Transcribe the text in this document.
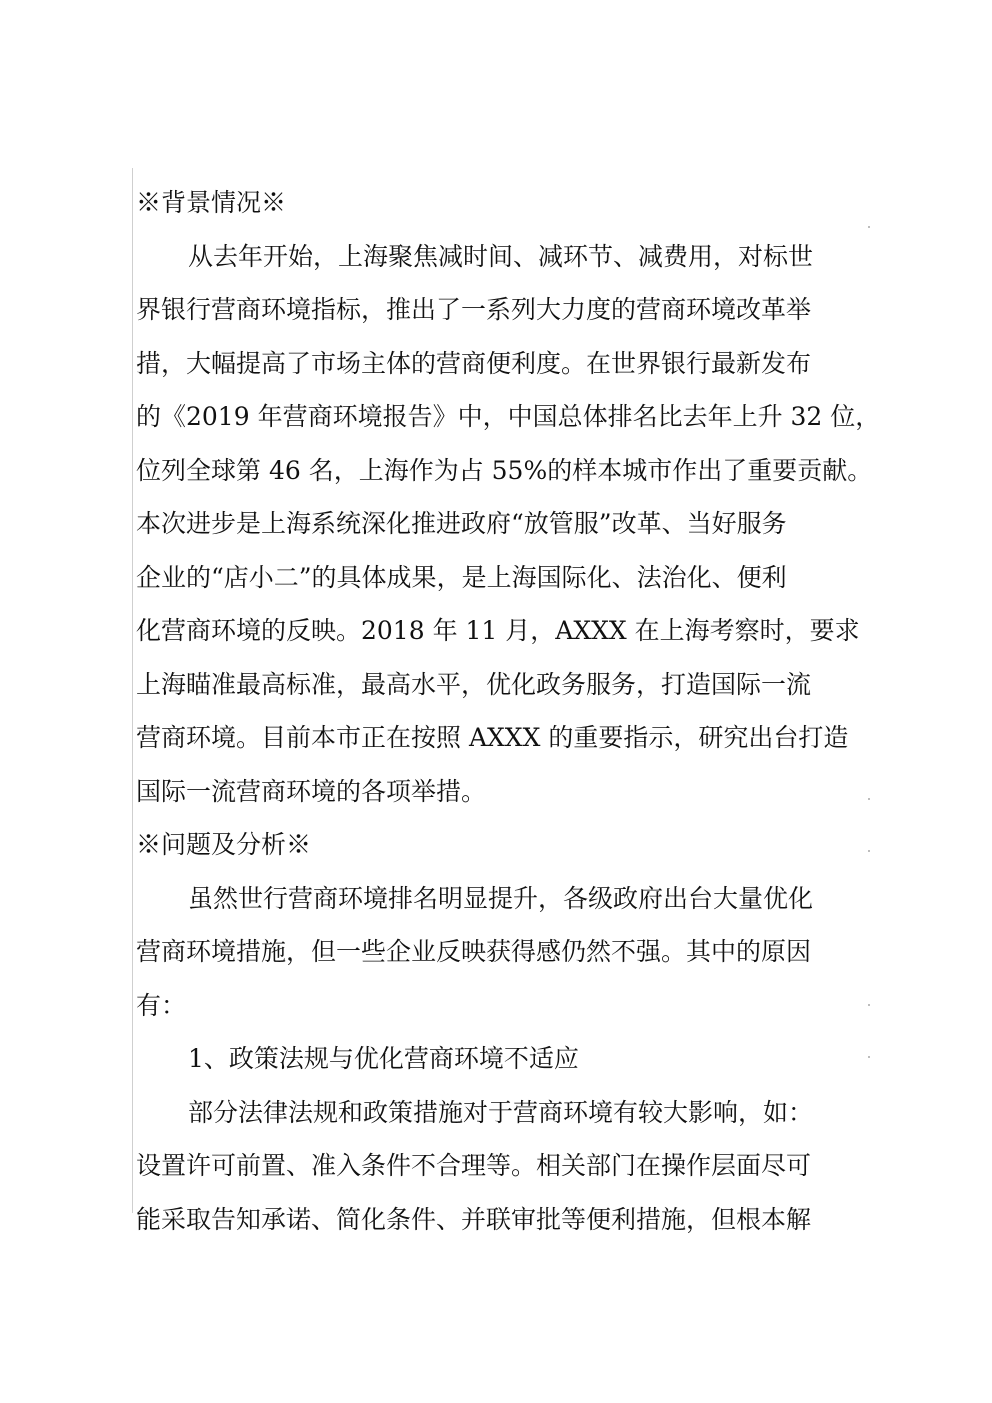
※背景情况※
从去年开始，上海聚焦减时间、减环节、减费用，对标世
界银行营商环境指标，推出了一系列大力度的营商环境改革举
措，大幅提高了市场主体的营商便利度。在世界银行最新发布
的《2019 年营商环境报告》中，中国总体排名比去年上升 32 位，
位列全球第 46 名，上海作为占 55%的样本城市作出了重要贡献。
本次进步是上海系统深化推进政府“放管服”改革、当好服务
企业的“店小二”的具体成果，是上海国际化、法治化、便利
化营商环境的反映。2018 年 11 月，AXXX 在上海考察时，要求
上海瞄准最高标准，最高水平，优化政务服务，打造国际一流
营商环境。目前本市正在按照 AXXX 的重要指示，研究出台打造
国际一流营商环境的各项举措。
※问题及分析※
虽然世行营商环境排名明显提升，各级政府出台大量优化
营商环境措施，但一些企业反映获得感仍然不强。其中的原因
有：
1、政策法规与优化营商环境不适应
部分法律法规和政策措施对于营商环境有较大影响，如：
设置许可前置、准入条件不合理等。相关部门在操作层面尽可
能采取告知承诺、简化条件、并联审批等便利措施，但根本解
